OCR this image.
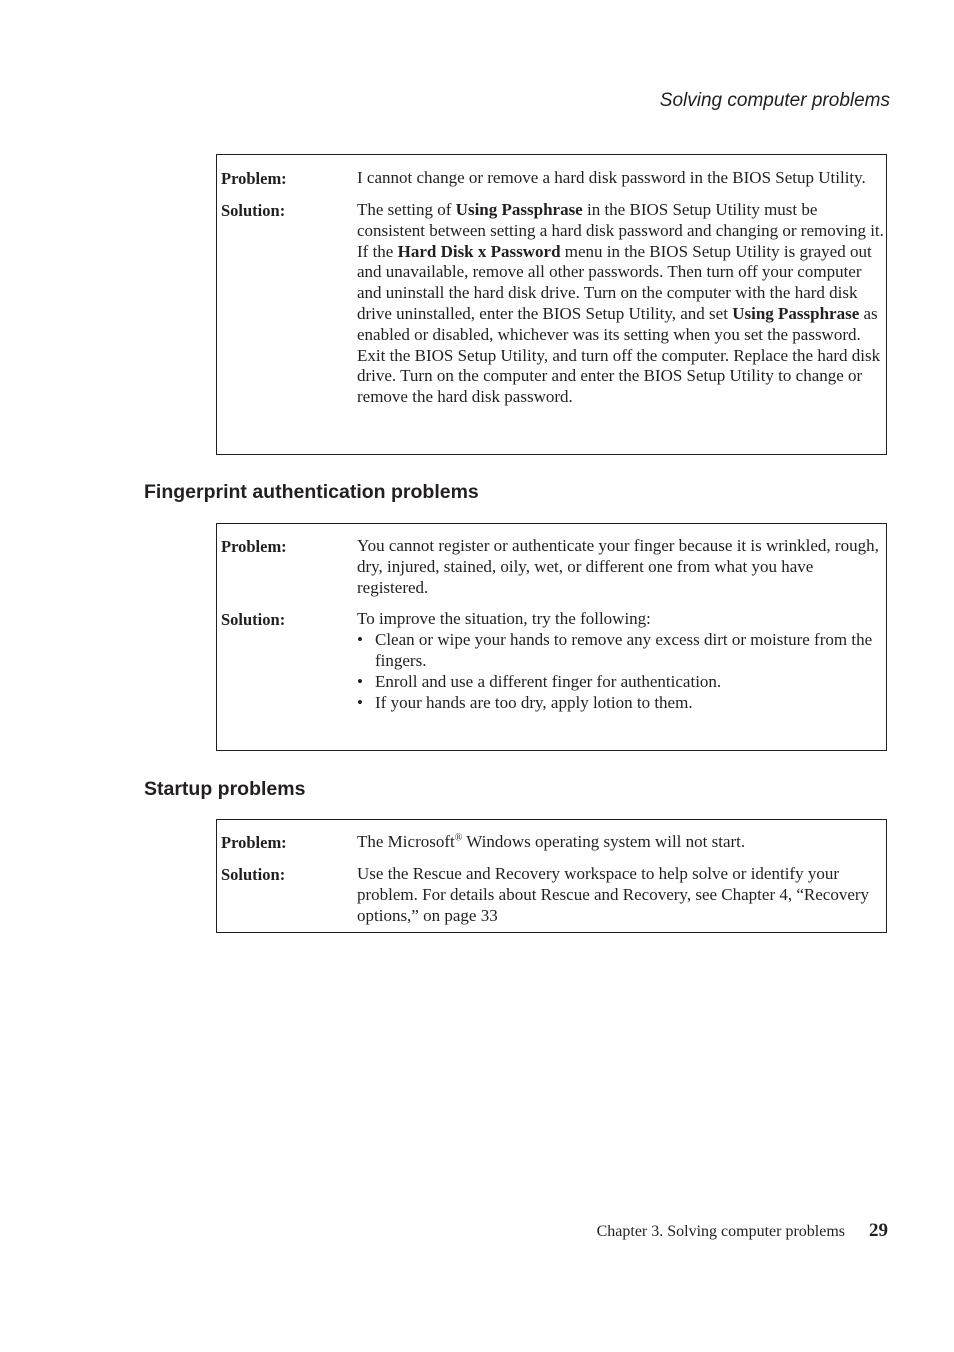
Solving computer problems
Problem:	I cannot change or remove a hard disk password in the BIOS Setup Utility.
Solution:	The setting of Using Passphrase in the BIOS Setup Utility must be consistent between setting a hard disk password and changing or removing it. If the Hard Disk x Password menu in the BIOS Setup Utility is grayed out and unavailable, remove all other passwords. Then turn off your computer and uninstall the hard disk drive. Turn on the computer with the hard disk drive uninstalled, enter the BIOS Setup Utility, and set Using Passphrase as enabled or disabled, whichever was its setting when you set the password. Exit the BIOS Setup Utility, and turn off the computer. Replace the hard disk drive. Turn on the computer and enter the BIOS Setup Utility to change or remove the hard disk password.
Fingerprint authentication problems
Problem:	You cannot register or authenticate your finger because it is wrinkled, rough, dry, injured, stained, oily, wet, or different one from what you have registered.
Solution:	To improve the situation, try the following:
• Clean or wipe your hands to remove any excess dirt or moisture from the fingers.
• Enroll and use a different finger for authentication.
• If your hands are too dry, apply lotion to them.
Startup problems
Problem:	The Microsoft® Windows operating system will not start.
Solution:	Use the Rescue and Recovery workspace to help solve or identify your problem. For details about Rescue and Recovery, see Chapter 4, “Recovery options,” on page 33
Chapter 3. Solving computer problems 29
